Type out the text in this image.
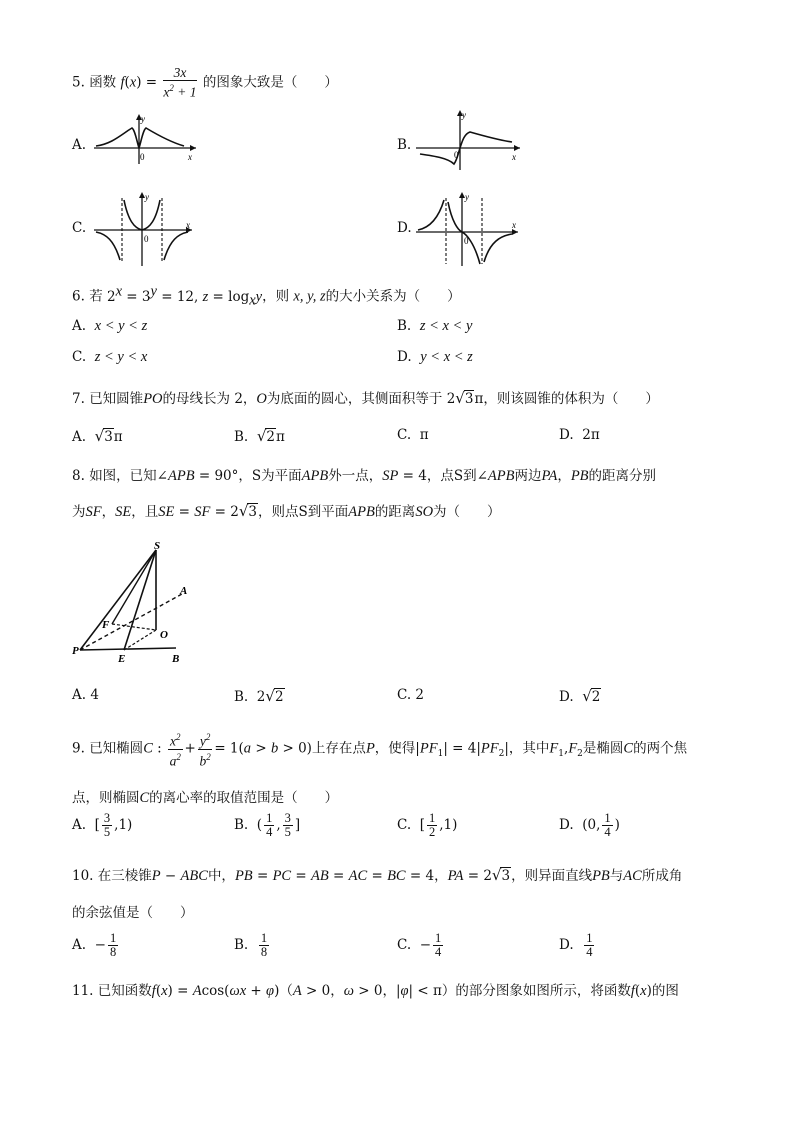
5. 函数 $f(x) = \frac{3x}{x^2 + 1}$ 的图象大致是（　　）
A.
0	x
y
B.
0	x
y
C.
0
x
y
D.
0
x
y
6. 若 $2^x = 3^y = 12$, $z = \log_xy$，则 x, y, z的大小关系为（　　）
A. x < y < z	B. z < x < y
C. z < y < x	D. y < x < z
7. 已知圆锥PO的母线长为 2，O为底面的圆心，其侧面积等于 2√3π，则该圆锥的体积为（　　）
A. √3π	B. √2π	C. π	D. 2π
8. 如图，已知∠APB = 90°，S为平面APB外一点，SP = 4，点S到∠APB两边PA，PB的距离分别
为SF，SE，且SE = SF = 2√3，则点S到平面APB的距离SO为（　　）
S
A
F
O
P
E	B
A. 4	B.  2√2	C. 2	D. √2
9. 已知椭圆C : $\frac{x^2}{a^2} + \frac{y^2}{b^2} = 1(a > b > 0)$上存在点P，使得$|PF_1| = 4|PF_2|$，其中$F_1,F_2$是椭圆C的两个焦
点，则椭圆C的离心率的取值范围是（　　）
A.  [ $\frac{3}{5} ,1$)	B.  ( $\frac{1}{4}$ , $\frac{3}{5}$ ]	C.  [ $\frac{1}{2} ,1$)	D.  (0, $\frac{1}{4}$ )
10. 在三棱锥P − ABC中，PB = PC = AB = AC = BC = 4，PA = 2√3，则异面直线PB与AC所成角
的余弦值是（　　）
A.  − $\frac{1}{8}$	B. $\frac{1}{8}$	C.  − $\frac{1}{4}$	D. $\frac{1}{4}$
11. 已知函数f(x) = Acos(ωx + φ)（A > 0，ω > 0，|φ| < π）的部分图象如图所示，将函数f(x)的图
